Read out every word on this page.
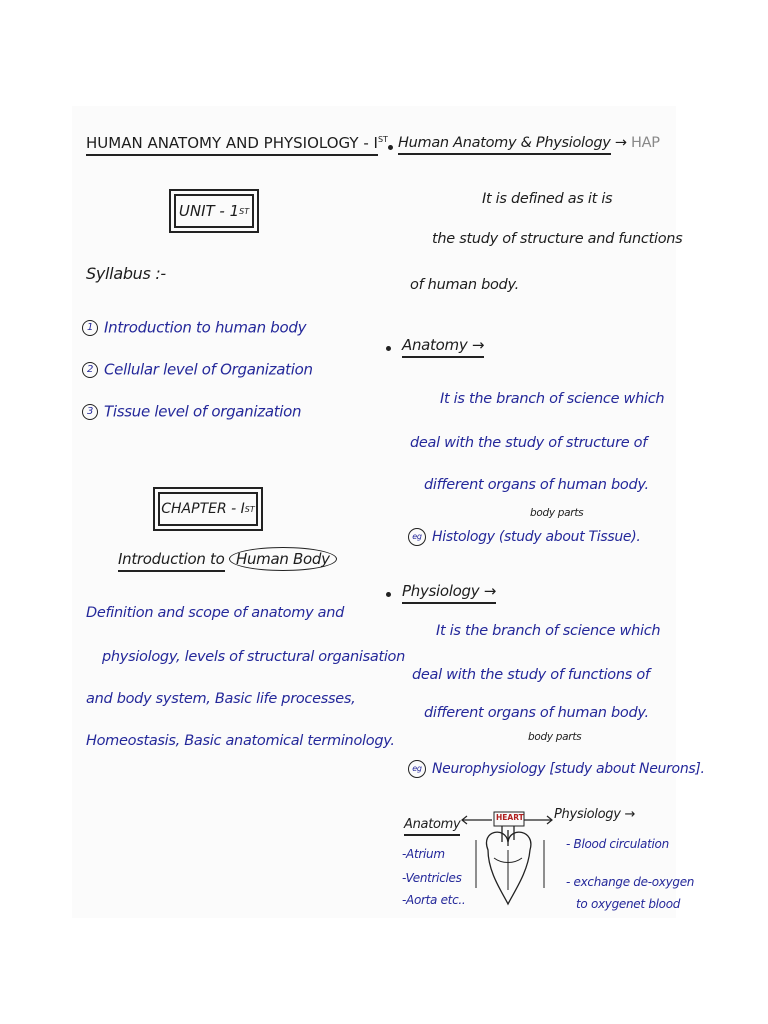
HUMAN ANATOMY AND PHYSIOLOGY - IST
UNIT - 1 ST
Syllabus :-
1 Introduction to human body
2 Cellular level of Organization
3 Tissue level of organization
CHAPTER - I ST
Introduction to Human Body
Definition and scope of anatomy and
physiology, levels of structural organisation
and body system, Basic life processes,
Homeostasis, Basic anatomical terminology.
Human Anatomy & Physiology → HAP
It is defined as it is
the study of structure and functions
of human body.
Anatomy →
It is the branch of science which
deal with the study of structure of
different organs of human body.
body parts
eg Histology (study about Tissue).
Physiology →
It is the branch of science which
deal with the study of functions of
different organs of human body.
body parts
eg Neurophysiology [study about Neurons].
Anatomy
-Atrium
-Ventricles
-Aorta etc..
HEART Physiology →
- Blood circulation
- exchange de-oxygen
to oxygenet blood
